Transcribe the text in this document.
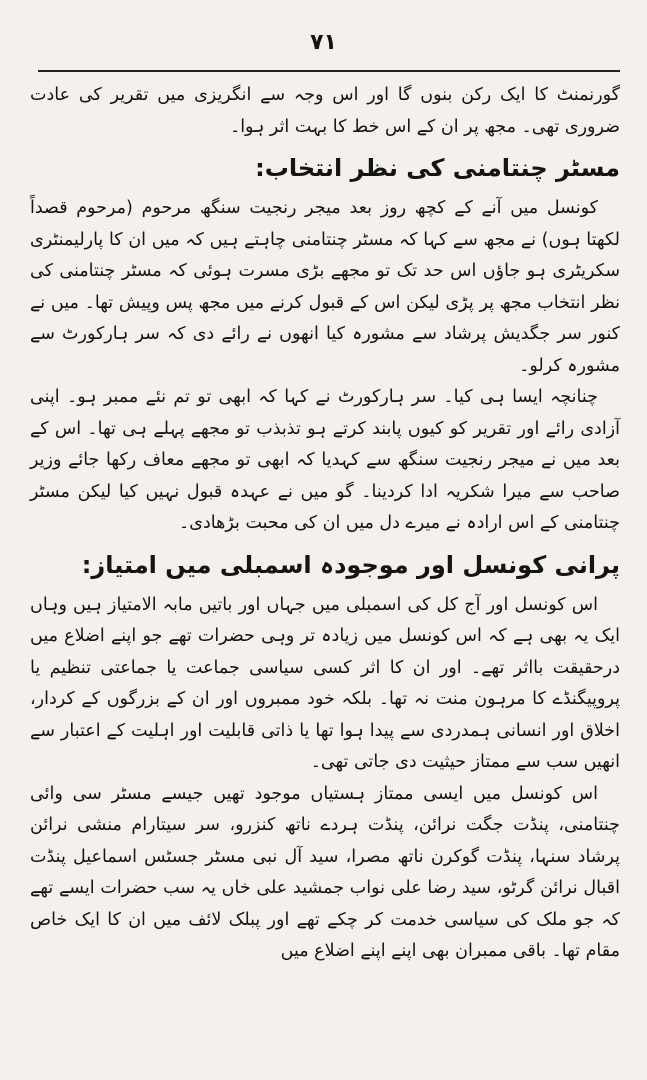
۷۱

گورنمنٹ کا ایک رکن بنوں گا اور اس وجہ سے انگریزی میں تقریر کی عادت ضروری تھی۔ مجھ پر ان کے اس خط کا بہت اثر ہوا۔

مسٹر چنتامنی کی نظر انتخاب:

کونسل میں آنے کے کچھ روز بعد میجر رنجیت سنگھ مرحوم (مرحوم قصداً لکھتا ہوں) نے مجھ سے کہا کہ مسٹر چنتامنی چاہتے ہیں کہ میں ان کا پارلیمنٹری سکریٹری ہو جاؤں اس حد تک تو مجھے بڑی مسرت ہوئی کہ مسٹر چنتامنی کی نظر انتخاب مجھ پر پڑی لیکن اس کے قبول کرنے میں مجھ پس وپیش تھا۔ میں نے کنور سر جگدیش پرشاد سے مشورہ کیا انھوں نے رائے دی کہ سر ہارکورٹ سے مشورہ کرلو۔

چنانچہ ایسا ہی کیا۔ سر ہارکورٹ نے کہا کہ ابھی تو تم نئے ممبر ہو۔ اپنی آزادی رائے اور تقریر کو کیوں پابند کرتے ہو تذبذب تو مجھے پہلے ہی تھا۔ اس کے بعد میں نے میجر رنجیت سنگھ سے کہدیا کہ ابھی تو مجھے معاف رکھا جائے وزیر صاحب سے میرا شکریہ ادا کردینا۔ گو میں نے عہدہ قبول نہیں کیا لیکن مسٹر چنتامنی کے اس ارادہ نے میرے دل میں ان کی محبت بڑھادی۔

پرانی کونسل اور موجودہ اسمبلی میں امتیاز:

اس کونسل اور آج کل کی اسمبلی میں جہاں اور باتیں مابہ الامتیاز ہیں وہاں ایک یہ بھی ہے کہ اس کونسل میں زیادہ تر وہی حضرات تھے جو اپنے اضلاع میں درحقیقت بااثر تھے۔ اور ان کا اثر کسی سیاسی جماعت یا جماعتی تنظیم یا پروپیگنڈے کا مرہون منت نہ تھا۔ بلکہ خود ممبروں اور ان کے بزرگوں کے کردار، اخلاق اور انسانی ہمدردی سے پیدا ہوا تھا یا ذاتی قابلیت اور اہلیت کے اعتبار سے انھیں سب سے ممتاز حیثیت دی جاتی تھی۔

اس کونسل میں ایسی ممتاز ہستیاں موجود تھیں جیسے مسٹر سی وائی چنتامنی، پنڈت جگت نرائن، پنڈت ہردے ناتھ کنزرو، سر سیتارام منشی نرائن پرشاد سنہا، پنڈت گوکرن ناتھ مصرا، سید آل نبی مسٹر جسٹس اسماعیل پنڈت اقبال نرائن گرٹو، سید رضا علی نواب جمشید علی خاں یہ سب حضرات ایسے تھے کہ جو ملک کی سیاسی خدمت کر چکے تھے اور پبلک لائف میں ان کا ایک خاص مقام تھا۔ باقی ممبران بھی اپنے اپنے اضلاع میں
